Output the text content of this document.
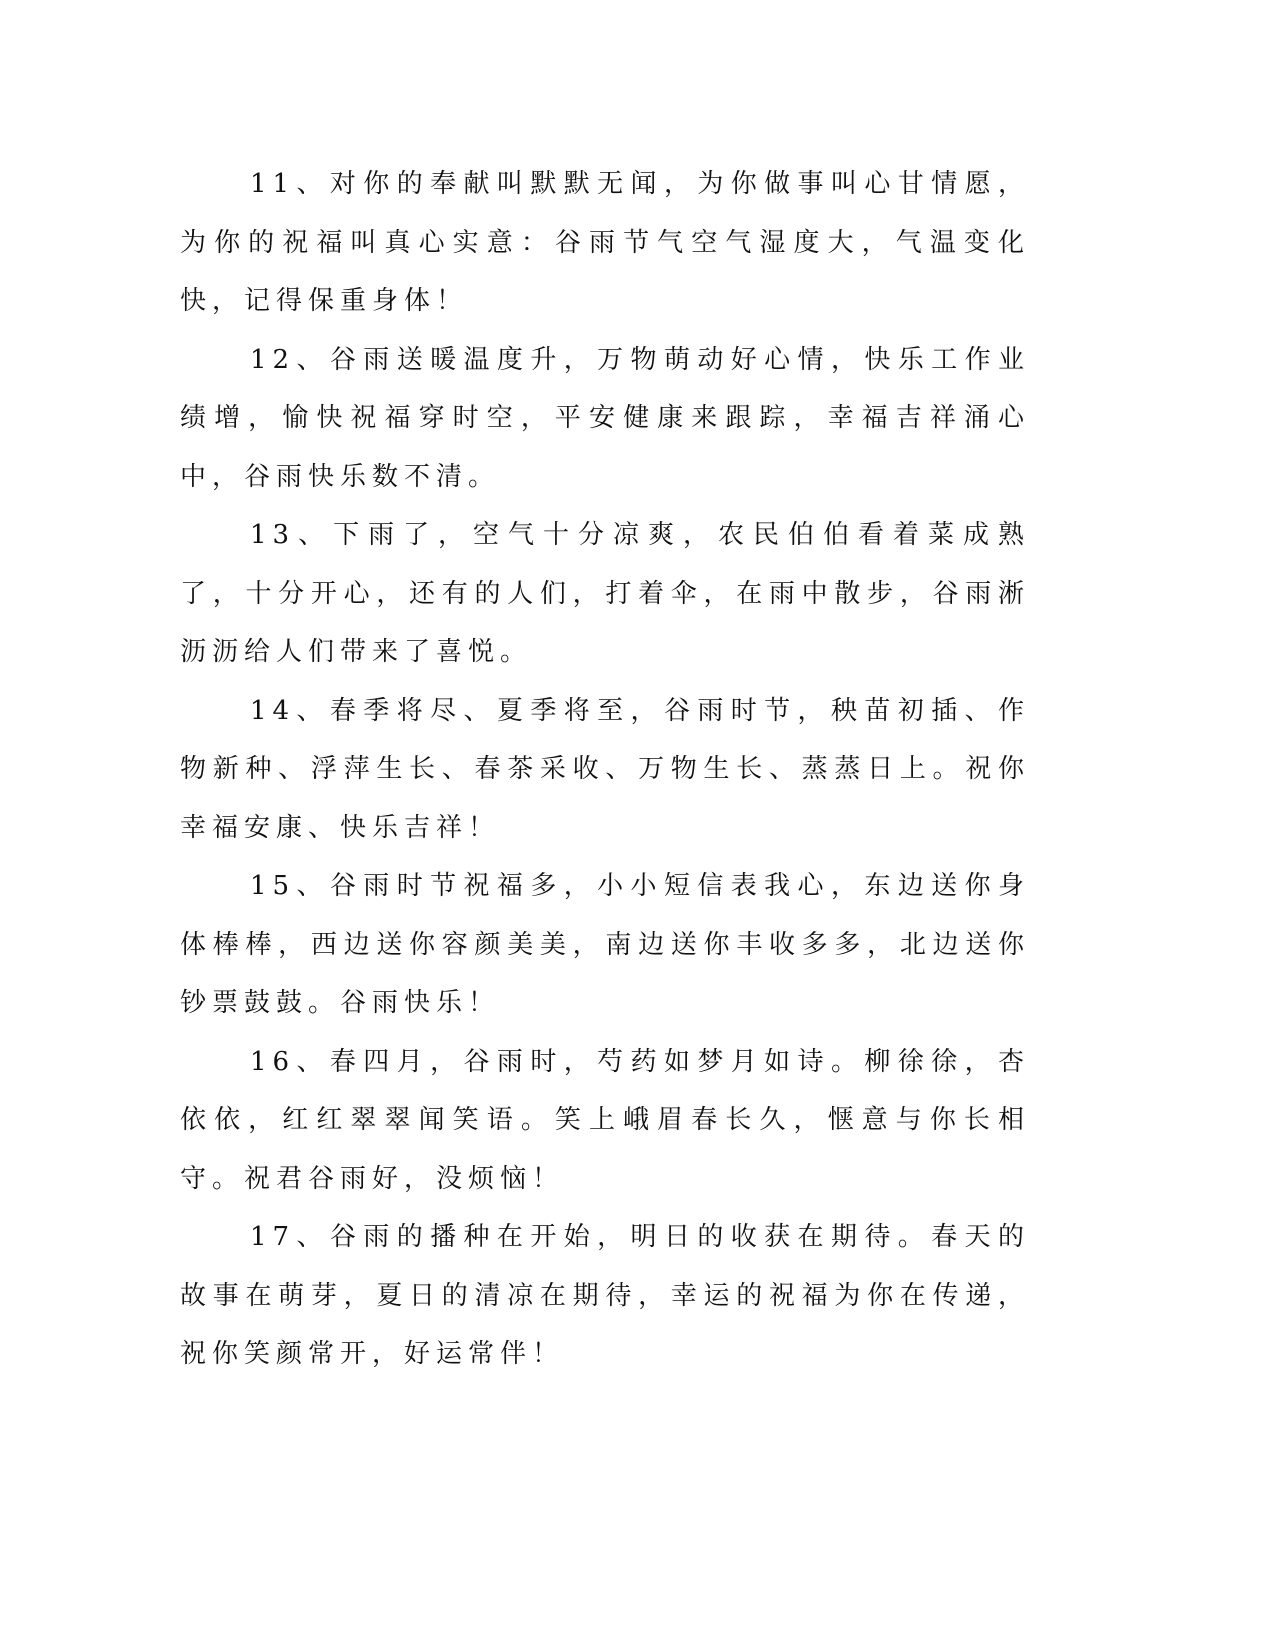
11、对你的奉献叫默默无闻，为你做事叫心甘情愿，为你的祝福叫真心实意：谷雨节气空气湿度大，气温变化快，记得保重身体！

12、谷雨送暖温度升，万物萌动好心情，快乐工作业绩增，愉快祝福穿时空，平安健康来跟踪，幸福吉祥涌心中，谷雨快乐数不清。

13、下雨了，空气十分凉爽，农民伯伯看着菜成熟了，十分开心，还有的人们，打着伞，在雨中散步，谷雨淅沥沥给人们带来了喜悦。

14、春季将尽、夏季将至，谷雨时节，秧苗初插、作物新种、浮萍生长、春茶采收、万物生长、蒸蒸日上。祝你幸福安康、快乐吉祥！

15、谷雨时节祝福多，小小短信表我心，东边送你身体棒棒，西边送你容颜美美，南边送你丰收多多，北边送你钞票鼓鼓。谷雨快乐！

16、春四月，谷雨时，芍药如梦月如诗。柳徐徐，杏依依，红红翠翠闻笑语。笑上峨眉春长久，惬意与你长相守。祝君谷雨好，没烦恼！

17、谷雨的播种在开始，明日的收获在期待。春天的故事在萌芽，夏日的清凉在期待，幸运的祝福为你在传递，祝你笑颜常开，好运常伴！
